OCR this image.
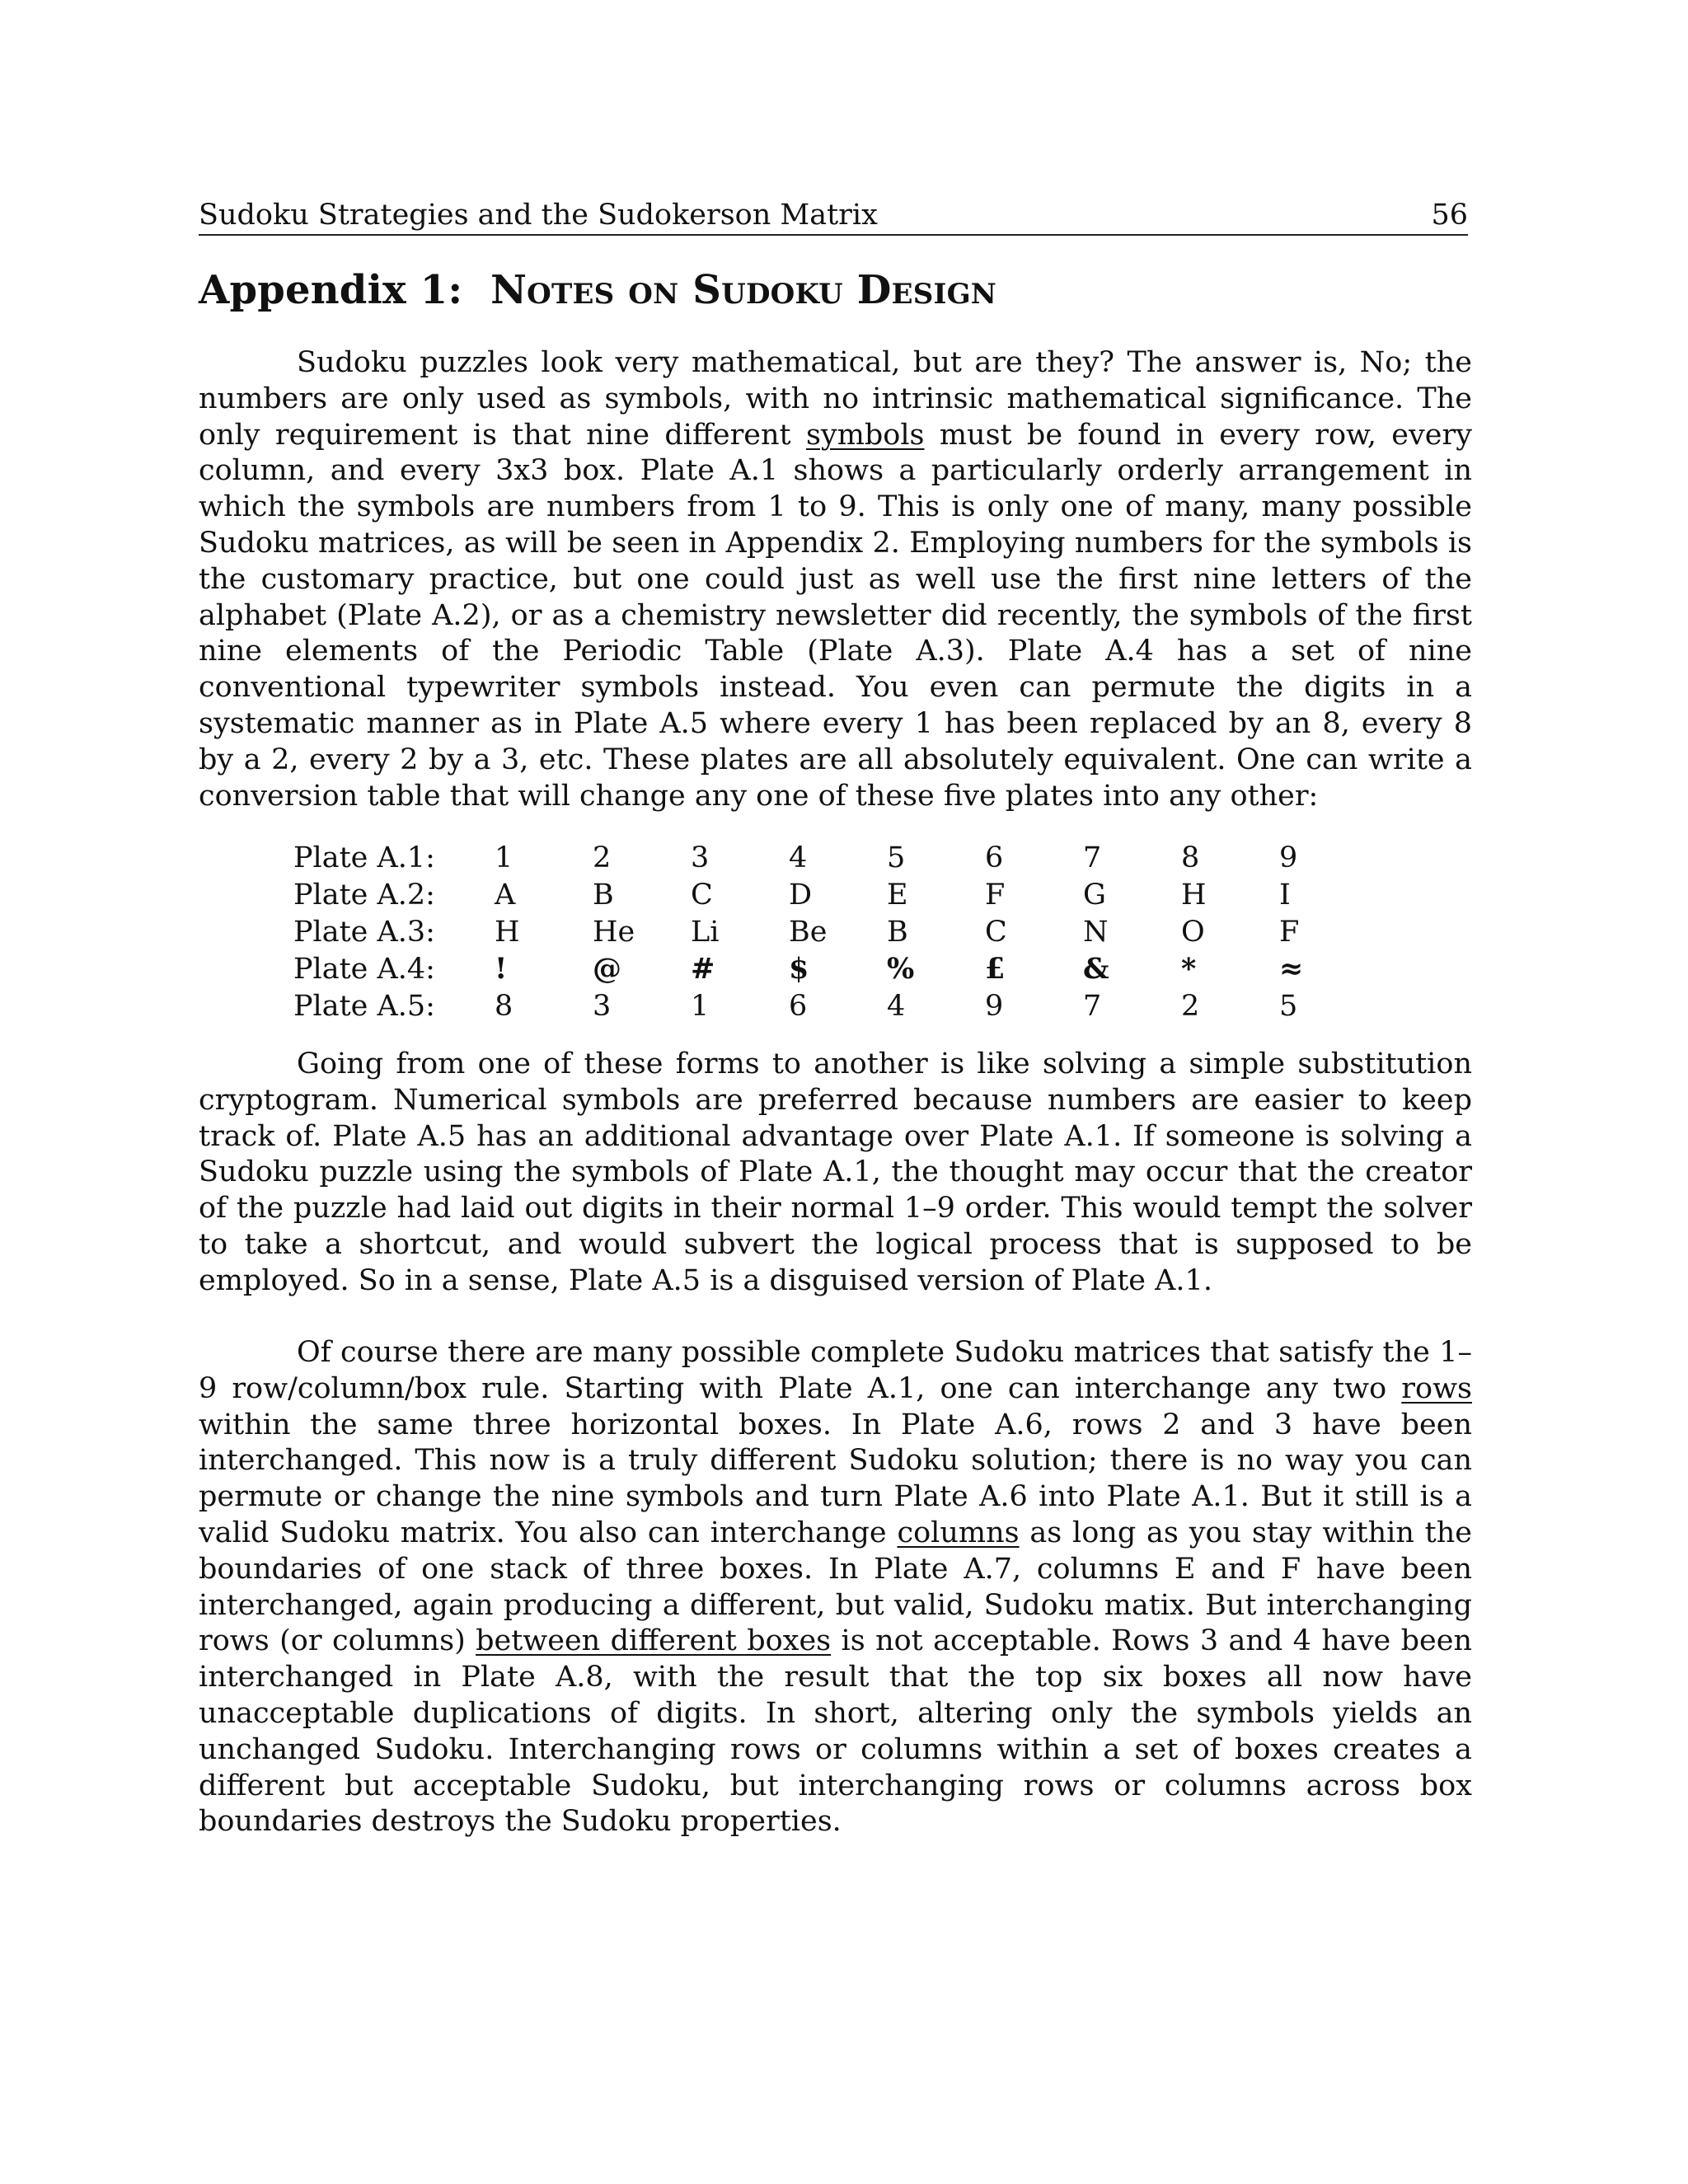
Sudoku Strategies and the Sudokerson Matrix	56
Appendix 1: Notes on Sudoku Design

Sudoku puzzles look very mathematical, but are they? The answer is, No; the numbers are only used as symbols, with no intrinsic mathematical significance. The only requirement is that nine different symbols must be found in every row, every column, and every 3x3 box. Plate A.1 shows a particularly orderly arrangement in which the symbols are numbers from 1 to 9. This is only one of many, many possible Sudoku matrices, as will be seen in Appendix 2. Employing numbers for the symbols is the customary practice, but one could just as well use the first nine letters of the alphabet (Plate A.2), or as a chemistry newsletter did recently, the symbols of the first nine elements of the Periodic Table (Plate A.3). Plate A.4 has a set of nine conventional typewriter symbols instead. You even can permute the digits in a systematic manner as in Plate A.5 where every 1 has been replaced by an 8, every 8 by a 2, every 2 by a 3, etc. These plates are all absolutely equivalent. One can write a conversion table that will change any one of these five plates into any other:

Plate A.1:	1	2	3	4	5	6	7	8	9
Plate A.2:	A	B	C	D	E	F	G	H	I
Plate A.3:	H	He	Li	Be	B	C	N	O	F
Plate A.4:	!	@	#	$	%	£	&	*	≈
Plate A.5:	8	3	1	6	4	9	7	2	5

Going from one of these forms to another is like solving a simple substitution cryptogram. Numerical symbols are preferred because numbers are easier to keep track of. Plate A.5 has an additional advantage over Plate A.1. If someone is solving a Sudoku puzzle using the symbols of Plate A.1, the thought may occur that the creator of the puzzle had laid out digits in their normal 1–9 order. This would tempt the solver to take a shortcut, and would subvert the logical process that is supposed to be employed. So in a sense, Plate A.5 is a disguised version of Plate A.1.

Of course there are many possible complete Sudoku matrices that satisfy the 1–9 row/column/box rule. Starting with Plate A.1, one can interchange any two rows within the same three horizontal boxes. In Plate A.6, rows 2 and 3 have been interchanged. This now is a truly different Sudoku solution; there is no way you can permute or change the nine symbols and turn Plate A.6 into Plate A.1. But it still is a valid Sudoku matrix. You also can interchange columns as long as you stay within the boundaries of one stack of three boxes. In Plate A.7, columns E and F have been interchanged, again producing a different, but valid, Sudoku matix. But interchanging rows (or columns) between different boxes is not acceptable. Rows 3 and 4 have been interchanged in Plate A.8, with the result that the top six boxes all now have unacceptable duplications of digits. In short, altering only the symbols yields an unchanged Sudoku. Interchanging rows or columns within a set of boxes creates a different but acceptable Sudoku, but interchanging rows or columns across box boundaries destroys the Sudoku properties.
